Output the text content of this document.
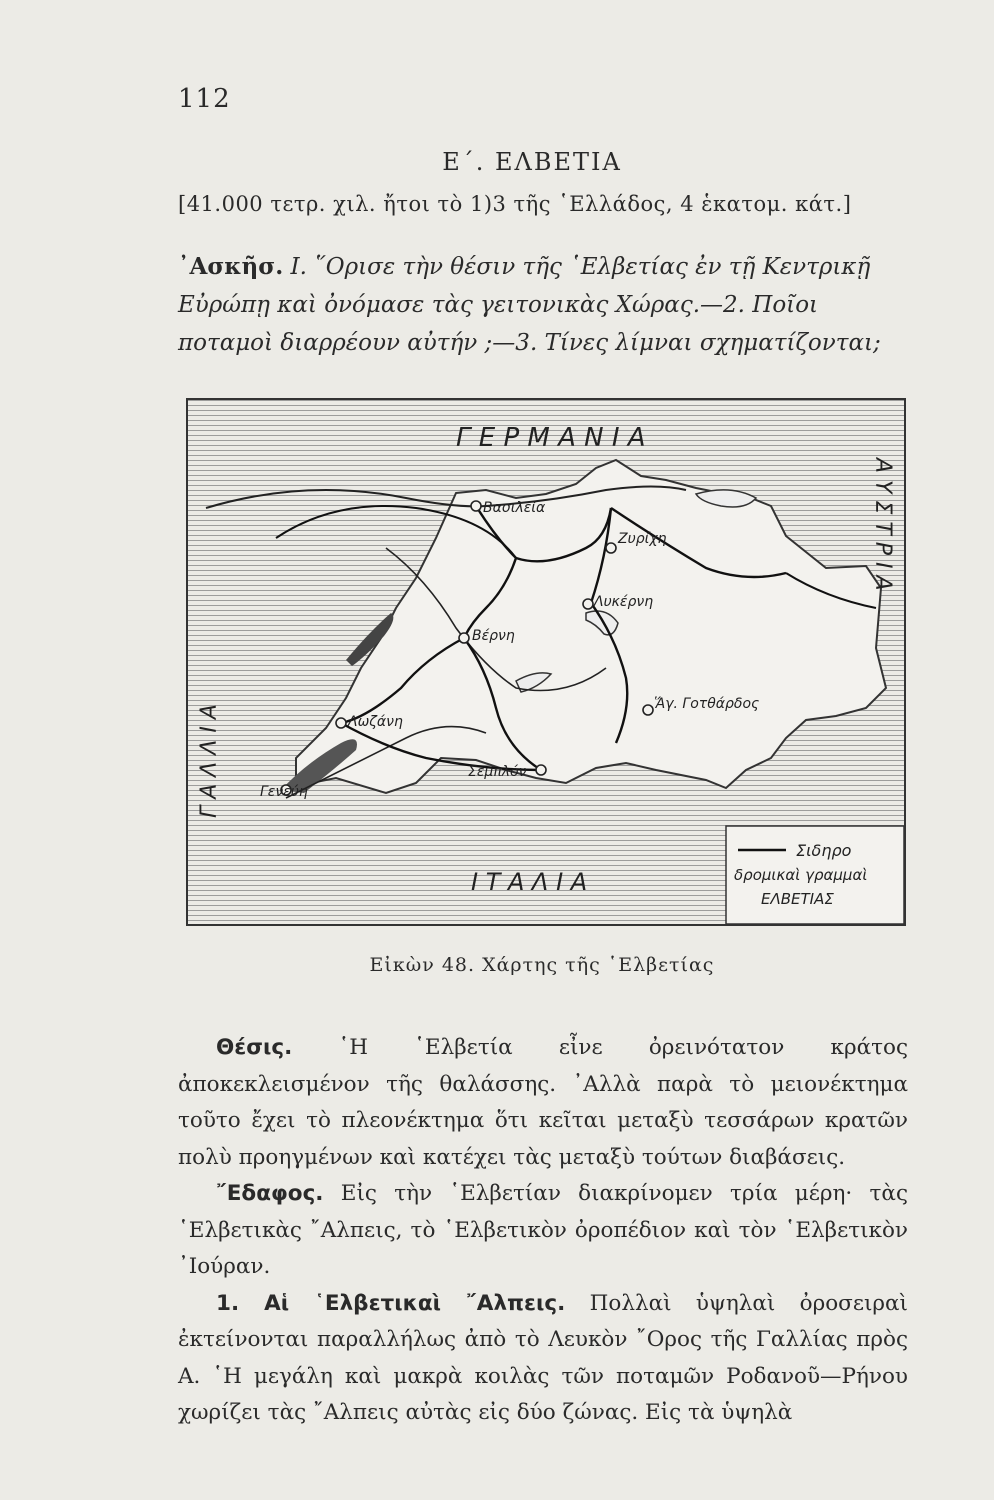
112
Ε΄. ΕΛΒΕΤΙΑ
[41.000 τετρ. χιλ. ἤτοι τὸ 1)3 τῆς ῾Ελλάδος, 4 ἑκατομ. κάτ.]
᾿Ασκῆσ. Ι. ῞Ορισε τὴν θέσιν τῆς ῾Ελβετίας ἐν τῇ Κεντρικῇ Εὐρώπῃ καὶ ὀνόμασε τὰς γειτονικὰς Χώρας.—2. Ποῖοι ποταμοὶ διαρρέουν αὐτήν ;—3. Τίνες λίμναι σχηματίζονται;
Γ Ε Ρ Μ Α Ν Ι Α
Ι Τ Α Λ Ι Α
Α Υ Σ Τ Ρ Ι Α
Γ Α Λ Λ Ι Α
Βασιλεία
Ζυρίχη
Λυκέρνη
Βέρνη
Λωζάνη
Γενεύη
Ἅγ. Γοτθάρδος
Σεμπλόν
Σιδηρο
δρομικαὶ γραμμαὶ
ΕΛΒΕΤΙΑΣ
Εἰκὼν 48. Χάρτης τῆς ῾Ελβετίας

Θέσις. ῾Η ῾Ελβετία εἶνε ὀρεινότατον κράτος ἀποκεκλεισμένον τῆς θαλάσσης. ᾿Αλλὰ παρὰ τὸ μειονέκτημα τοῦτο ἔχει τὸ πλεονέκτημα ὅτι κεῖται μεταξὺ τεσσάρων κρατῶν πολὺ προηγμένων καὶ κατέχει τὰς μεταξὺ τούτων διαβάσεις.

῎Εδαφος. Εἰς τὴν ῾Ελβετίαν διακρίνομεν τρία μέρη· τὰς ῾Ελβετικὰς ῎Αλπεις, τὸ ῾Ελβετικὸν ὀροπέδιον καὶ τὸν ῾Ελβετικὸν ᾿Ιούραν.

1. Αἱ ῾Ελβετικαὶ ῎Αλπεις. Πολλαὶ ὑψηλαὶ ὀροσειραὶ ἐκτείνονται παραλλήλως ἀπὸ τὸ Λευκὸν ῎Ορος τῆς Γαλλίας πρὸς Α. ῾Η μεγάλη καὶ μακρὰ κοιλὰς τῶν ποταμῶν Ροδανοῦ—Ρήνου χωρίζει τὰς ῎Αλπεις αὐτὰς εἰς δύο ζώνας. Εἰς τὰ ὑψηλὰ
